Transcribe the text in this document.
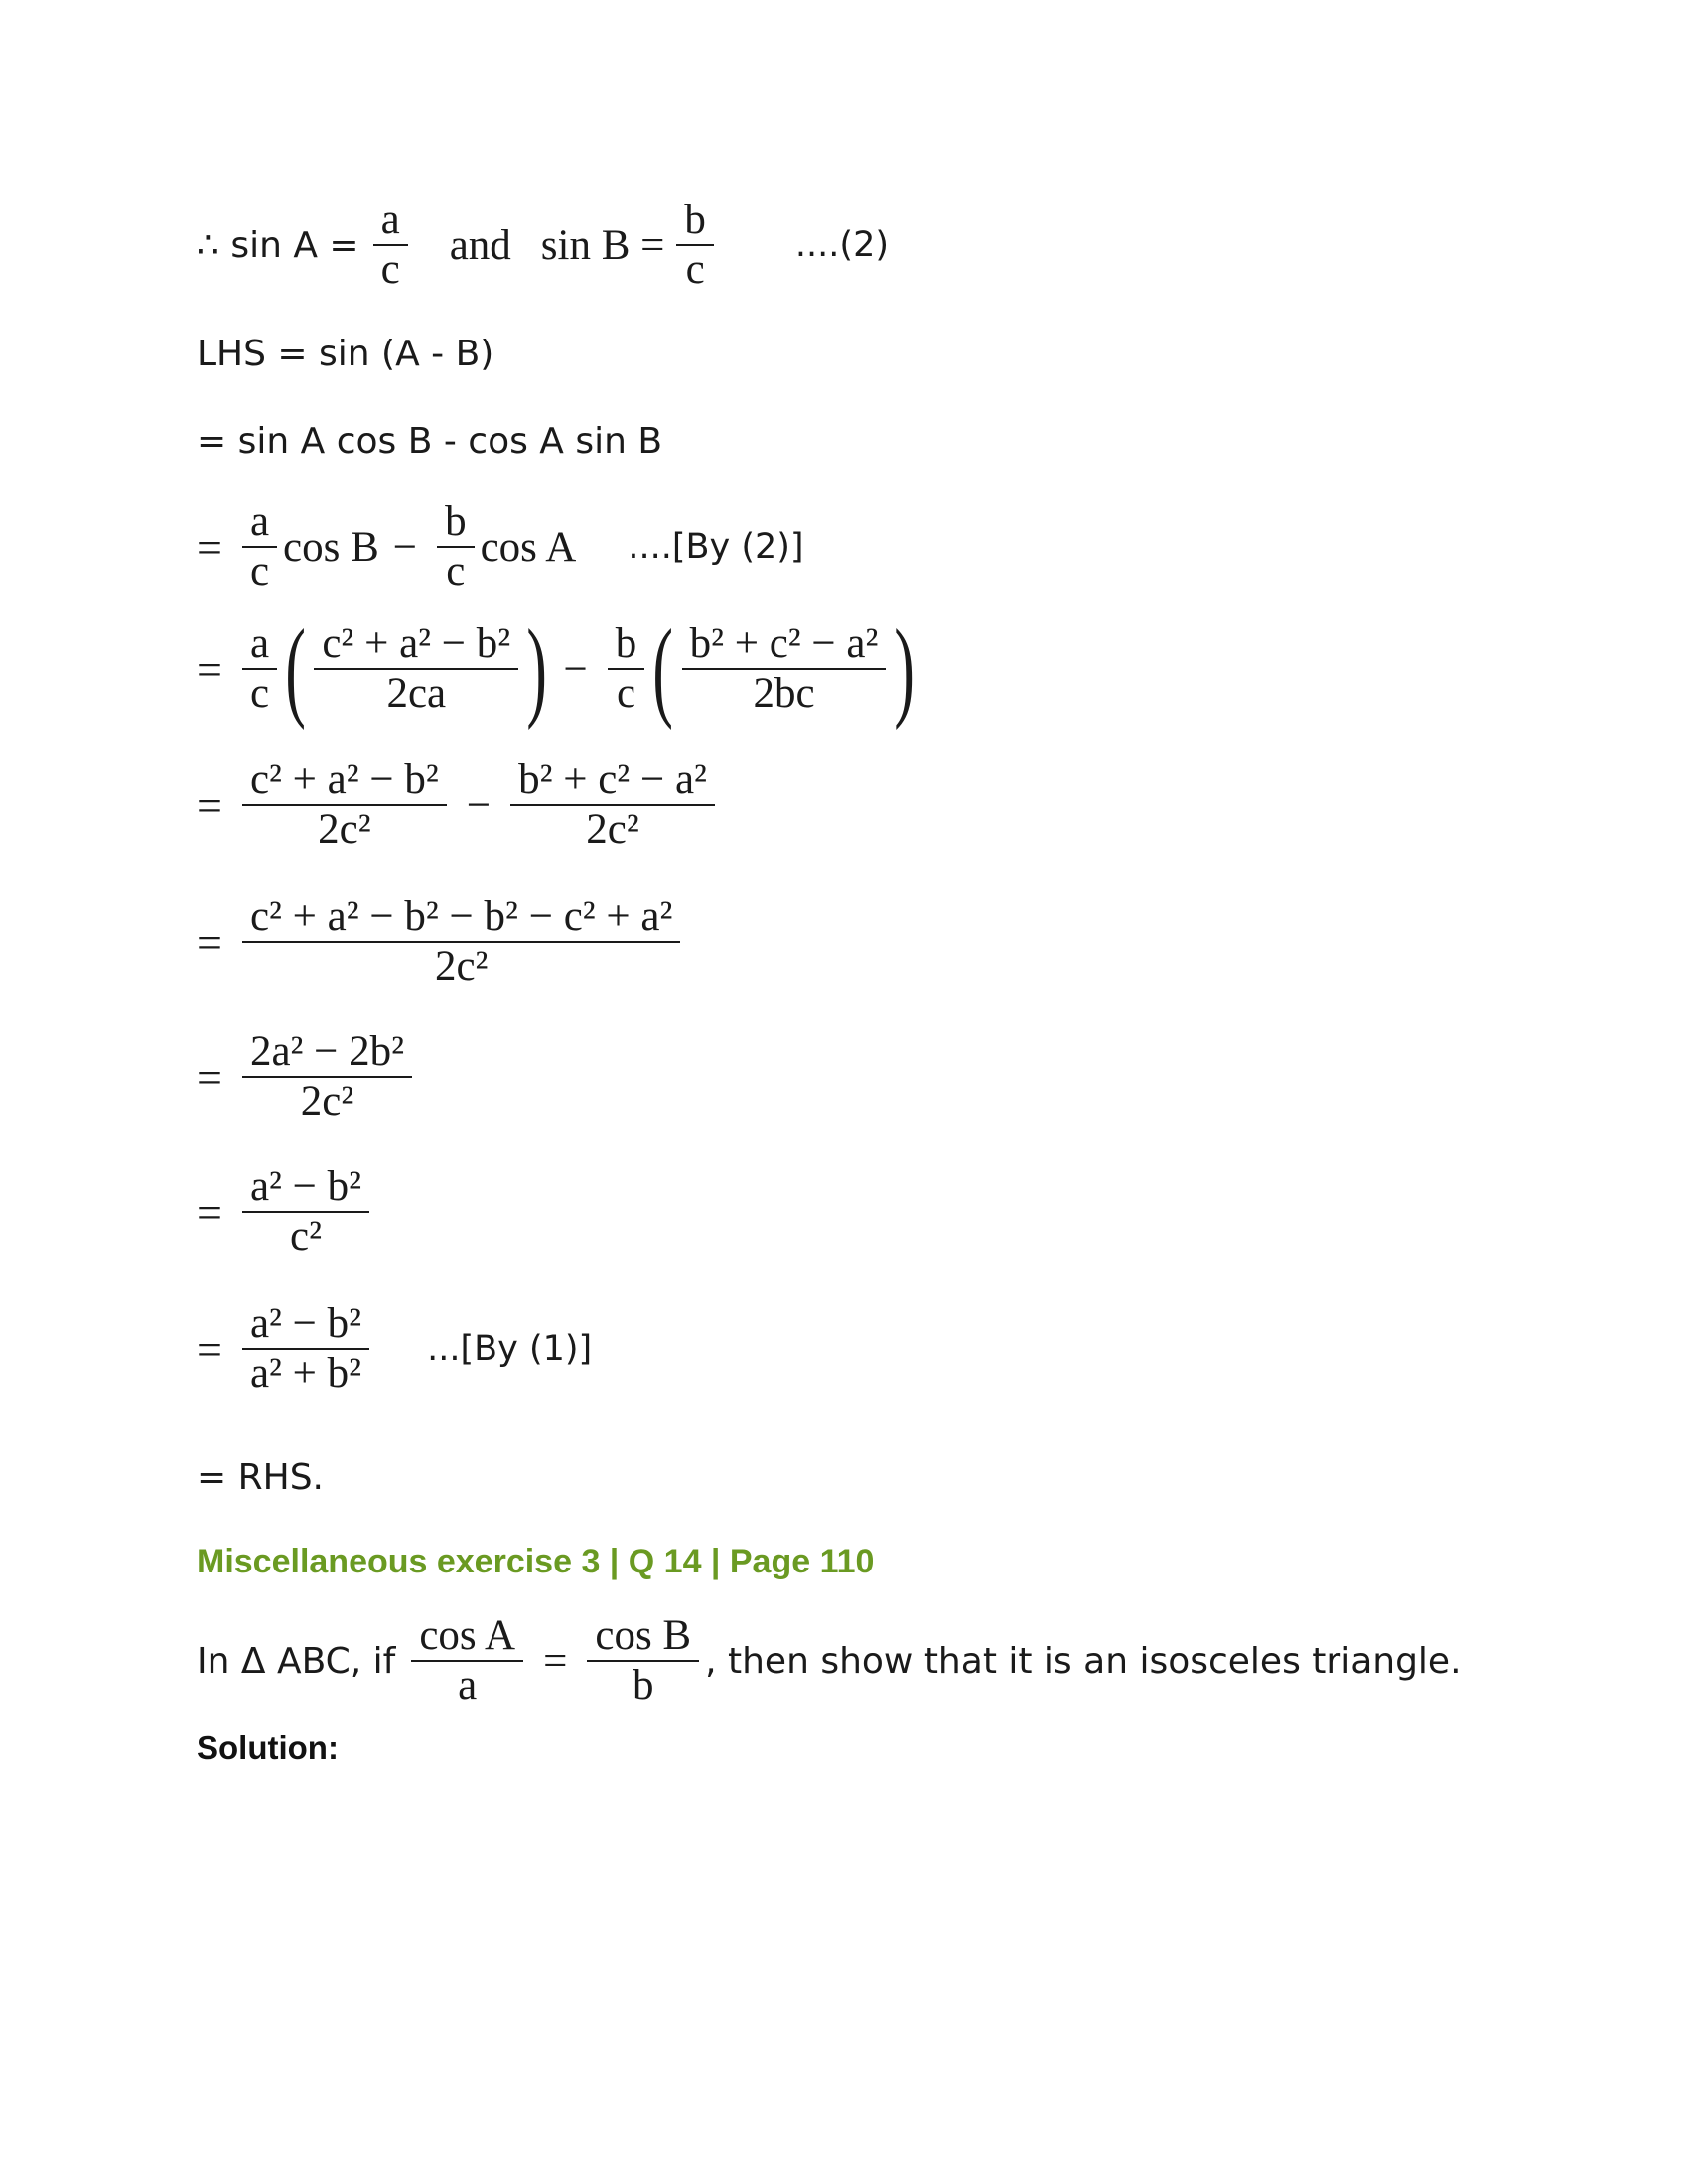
∴ $\sin A = \frac{a}{c}$ and $\sin B = \frac{b}{c} ....(2)$
LHS = sin (A - B)
= sin A cos B - cos A sin B
= $\frac{a}{c}$ $\cos B - \frac{b}{c}$ cos A ....[By (2)]
= $\frac{a}{c}$ ( $\frac{\text{c² + a² − b²}}{2ca}$ ) − $\frac{b}{c}$ ( $\frac{\text{b² + c² − a²}}{2bc}$ )
= $\frac{\text{c² + a² − b²}}{\text{2c²}} - \frac{\text{b² + c² − a²}}{\text{2c²}}$
= $\frac{\text{c² + a² − b² − b² − c² + a²}}{\text{2c²}}$
= $\frac{\text{2a² − 2b²}}{\text{2c²}}$
= $\frac{\text{a² − b²}}{\text{c²}}$
= $\frac{\text{a² − b²}}{\text{a² + b²}} ...[By$ (1)]
= RHS.
Miscellaneous exercise 3 | Q 14 | Page 110
In Δ ABC, if $\frac{\text{cos A}}{a} = \frac{\text{cos B}}{b}$ , then show that it is an isosceles triangle.
Solution:
